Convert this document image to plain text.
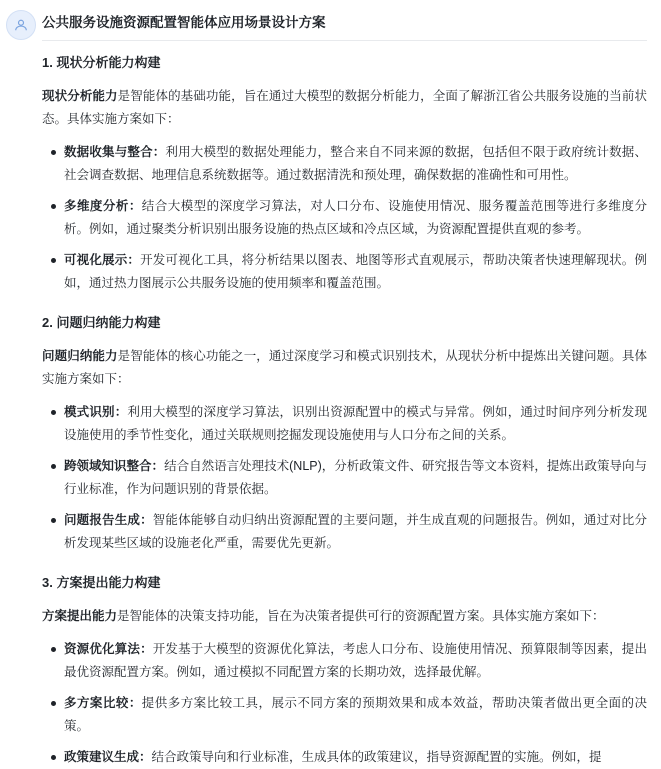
公共服务设施资源配置智能体应用场景设计方案
1. 现状分析能力构建

现状分析能力是智能体的基础功能，旨在通过大模型的数据分析能力，全面了解浙江省公共服务设施的当前状态。具体实施方案如下：

数据收集与整合：利用大模型的数据处理能力，整合来自不同来源的数据，包括但不限于政府统计数据、社会调查数据、地理信息系统数据等。通过数据清洗和预处理，确保数据的准确性和可用性。
多维度分析：结合大模型的深度学习算法，对人口分布、设施使用情况、服务覆盖范围等进行多维度分析。例如，通过聚类分析识别出服务设施的热点区域和冷点区域，为资源配置提供直观的参考。
可视化展示：开发可视化工具，将分析结果以图表、地图等形式直观展示，帮助决策者快速理解现状。例如，通过热力图展示公共服务设施的使用频率和覆盖范围。
2. 问题归纳能力构建

问题归纳能力是智能体的核心功能之一，通过深度学习和模式识别技术，从现状分析中提炼出关键问题。具体实施方案如下：

模式识别：利用大模型的深度学习算法，识别出资源配置中的模式与异常。例如，通过时间序列分析发现设施使用的季节性变化，通过关联规则挖掘发现设施使用与人口分布之间的关系。
跨领域知识整合：结合自然语言处理技术(NLP)，分析政策文件、研究报告等文本资料，提炼出政策导向与行业标准，作为问题识别的背景依据。
问题报告生成：智能体能够自动归纳出资源配置的主要问题，并生成直观的问题报告。例如，通过对比分析发现某些区域的设施老化严重，需要优先更新。
3. 方案提出能力构建

方案提出能力是智能体的决策支持功能，旨在为决策者提供可行的资源配置方案。具体实施方案如下：

资源优化算法：开发基于大模型的资源优化算法，考虑人口分布、设施使用情况、预算限制等因素，提出最优资源配置方案。例如，通过模拟不同配置方案的长期功效，选择最优解。
多方案比较：提供多方案比较工具，展示不同方案的预期效果和成本效益，帮助决策者做出更全面的决策。
政策建议生成：结合政策导向和行业标准，生成具体的政策建议，指导资源配置的实施。例如，提
